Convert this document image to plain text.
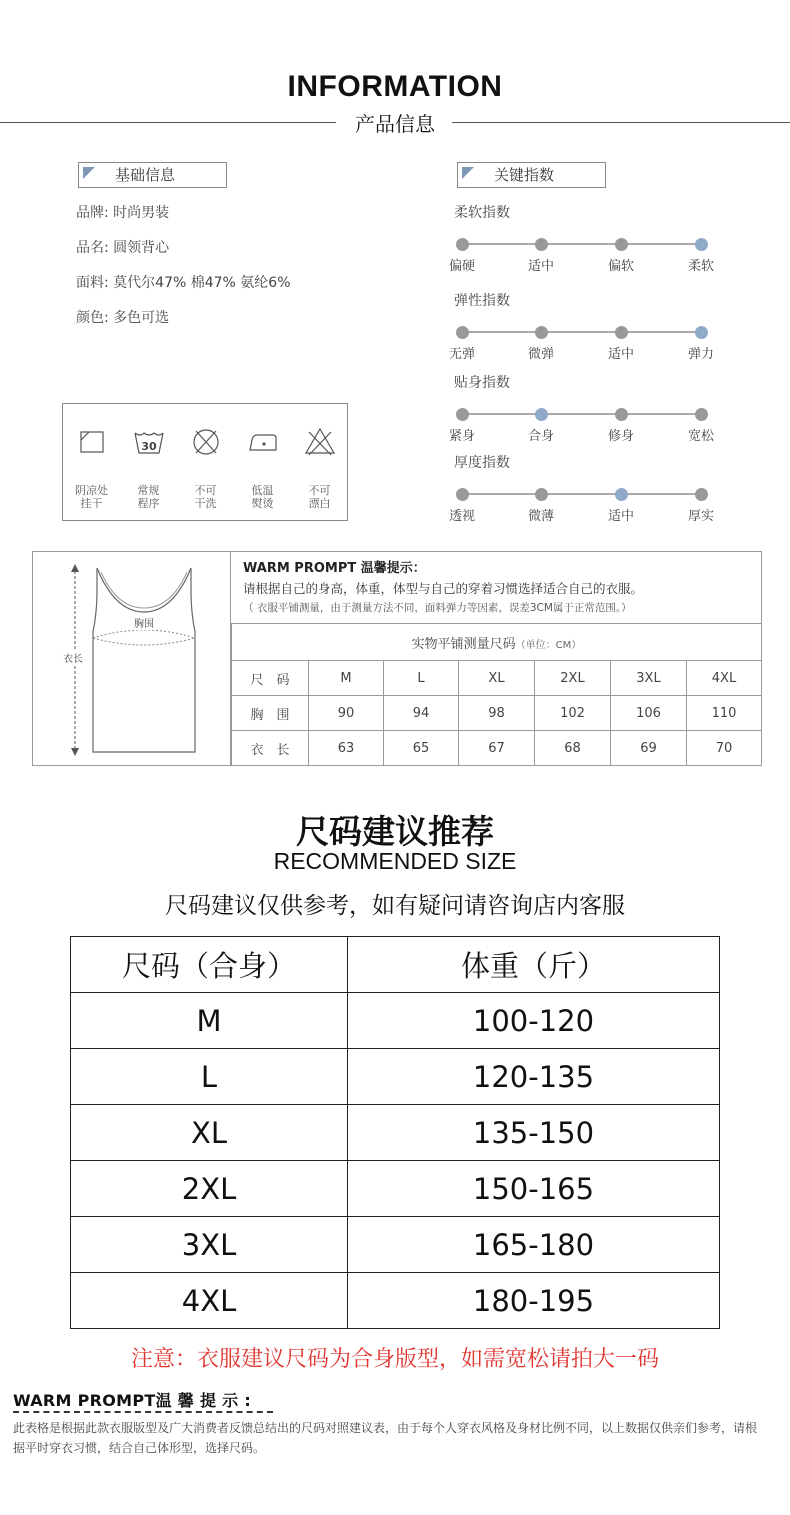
INFORMATION
产品信息
基础信息
品牌: 时尚男装
品名: 圆领背心
面料: 莫代尔47% 棉47% 氨纶6%
颜色: 多色可选
阴凉处
挂干
30
常规
程序
不可
干洗
低温
熨烫
不可
漂白
关键指数
柔软指数
偏硬	适中	偏软	柔软
弹性指数
无弹	微弹	适中	弹力
贴身指数
紧身	合身	修身	宽松
厚度指数
透视	微薄	适中	厚实
衣长
胸围
WARM PROMPT 温馨提示：
请根据自己的身高，体重，体型与自己的穿着习惯选择适合自己的衣服。
（ 衣服平铺测量，由于测量方法不同，面料弹力等因素，误差3CM属于正常范围。）
实物平铺测量尺码（单位：CM）						
尺　码	M	L	XL	2XL	3XL	4XL
胸　围	90	94	98	102	106	110
衣　长	63	65	67	68	69	70
尺码建议推荐
RECOMMENDED SIZE
尺码建议仅供参考，如有疑问请咨询店内客服
尺码（合身）	体重（斤）
M	100-120
L	120-135
XL	135-150
2XL	150-165
3XL	165-180
4XL	180-195
注意：衣服建议尺码为合身版型，如需宽松请拍大一码
WARM PROMPT温 馨 提 示 :
此表格是根据此款衣服版型及广大消费者反馈总结出的尺码对照建议表，由于每个人穿衣风格及身材比例不同，以上数据仅供亲们参考，请根据平时穿衣习惯，结合自己体形型，选择尺码。
